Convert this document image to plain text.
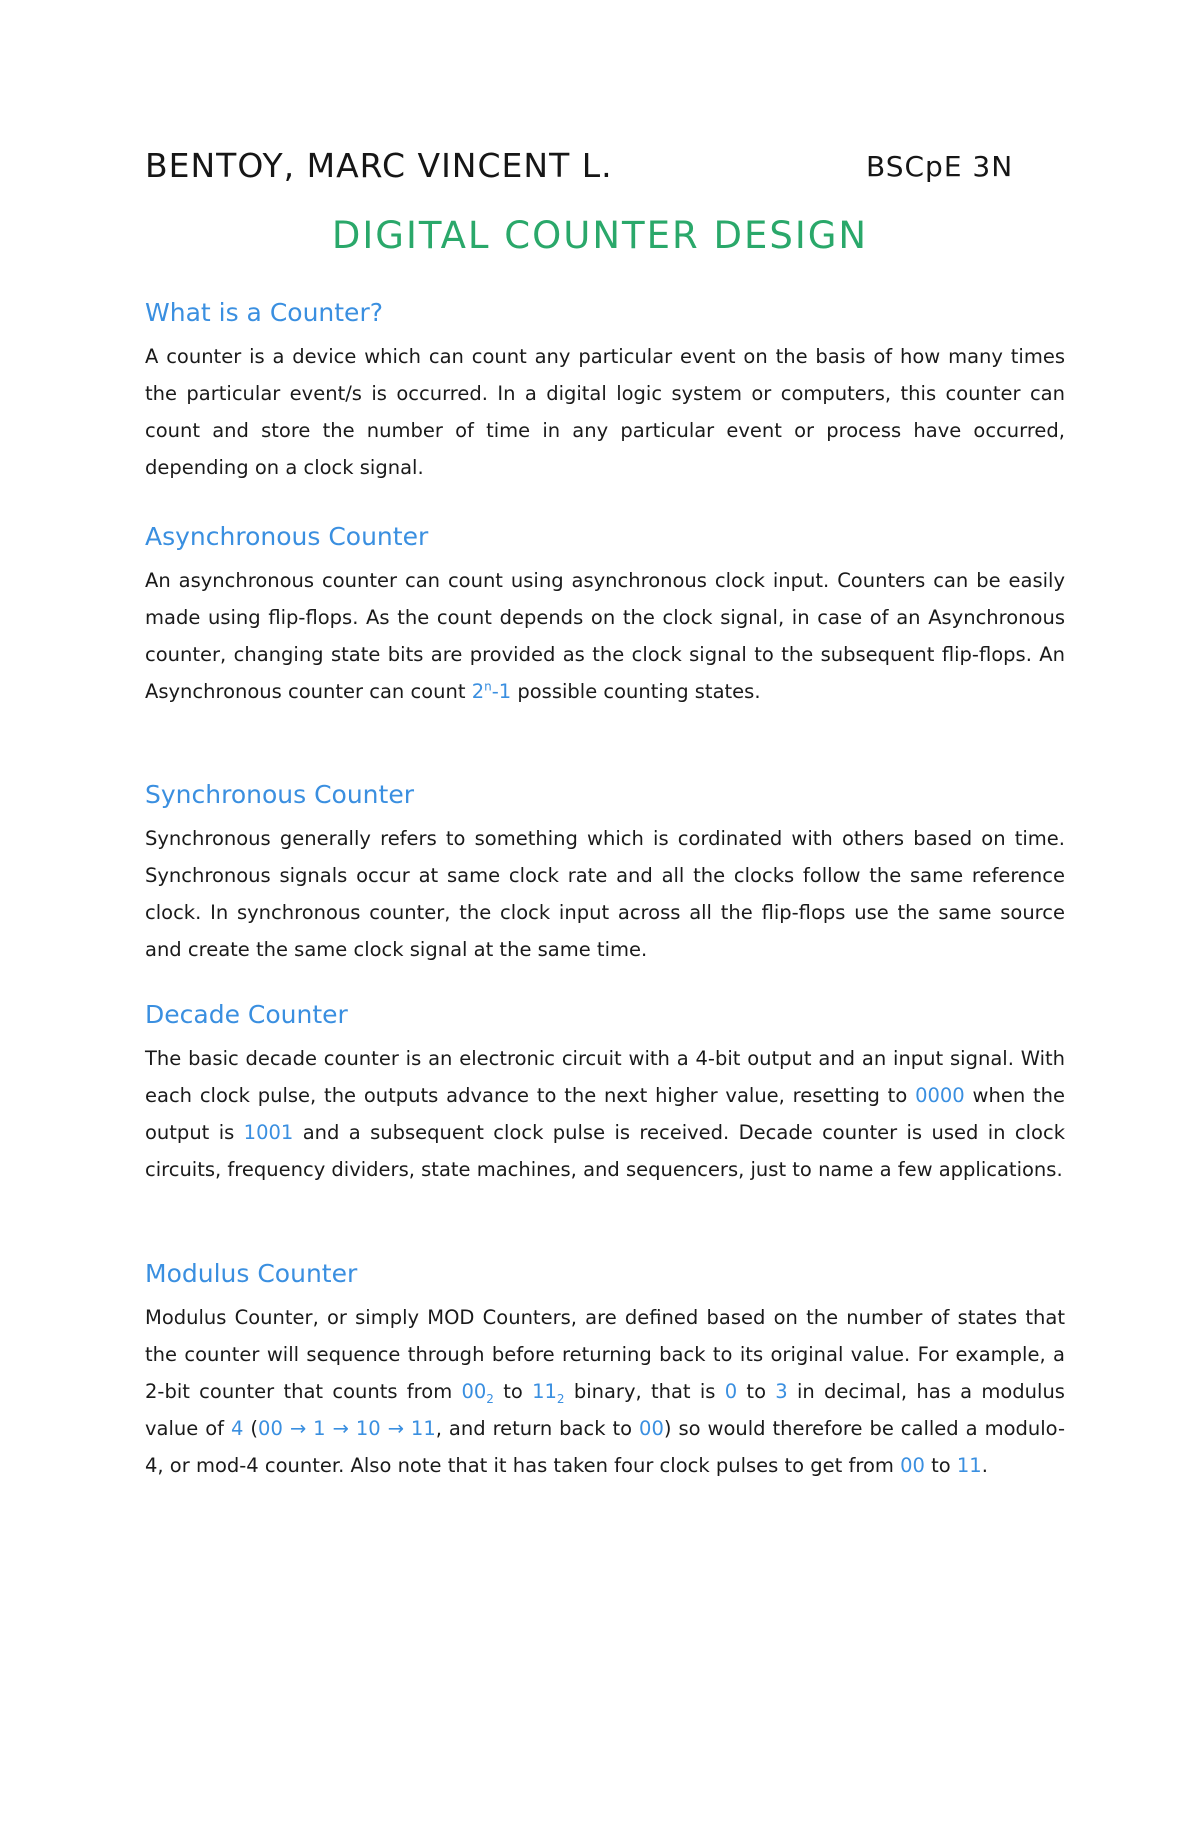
BENTOY, MARC VINCENT L.	BSCpE 3N
DIGITAL COUNTER DESIGN
What is a Counter?

A counter is a device which can count any particular event on the basis of how many times the particular event/s is occurred. In a digital logic system or computers, this counter can count and store the number of time in any particular event or process have occurred, depending on a clock signal.

Asynchronous Counter

An asynchronous counter can count using asynchronous clock input. Counters can be easily made using flip-flops. As the count depends on the clock signal, in case of an Asynchronous counter, changing state bits are provided as the clock signal to the subsequent flip-flops. An Asynchronous counter can count 2$^n$-1 possible counting states.

Synchronous Counter

Synchronous generally refers to something which is cordinated with others based on time. Synchronous signals occur at same clock rate and all the clocks follow the same reference clock. In synchronous counter, the clock input across all the flip-flops use the same source and create the same clock signal at the same time.

Decade Counter

The basic decade counter is an electronic circuit with a 4-bit output and an input signal. With each clock pulse, the outputs advance to the next higher value, resetting to 0000 when the output is 1001 and a subsequent clock pulse is received. Decade counter is used in clock circuits, frequency dividers, state machines, and sequencers, just to name a few applications.

Modulus Counter

Modulus Counter, or simply MOD Counters, are defined based on the number of states that the counter will sequence through before returning back to its original value. For example, a 2-bit counter that counts from $00_2$ to $11_2$ binary, that is 0 to 3 in decimal, has a modulus value of 4 (00 → 1 → 10 → 11, and return back to 00) so would therefore be called a modulo-4, or mod-4 counter. Also note that it has taken four clock pulses to get from 00 to 11.
